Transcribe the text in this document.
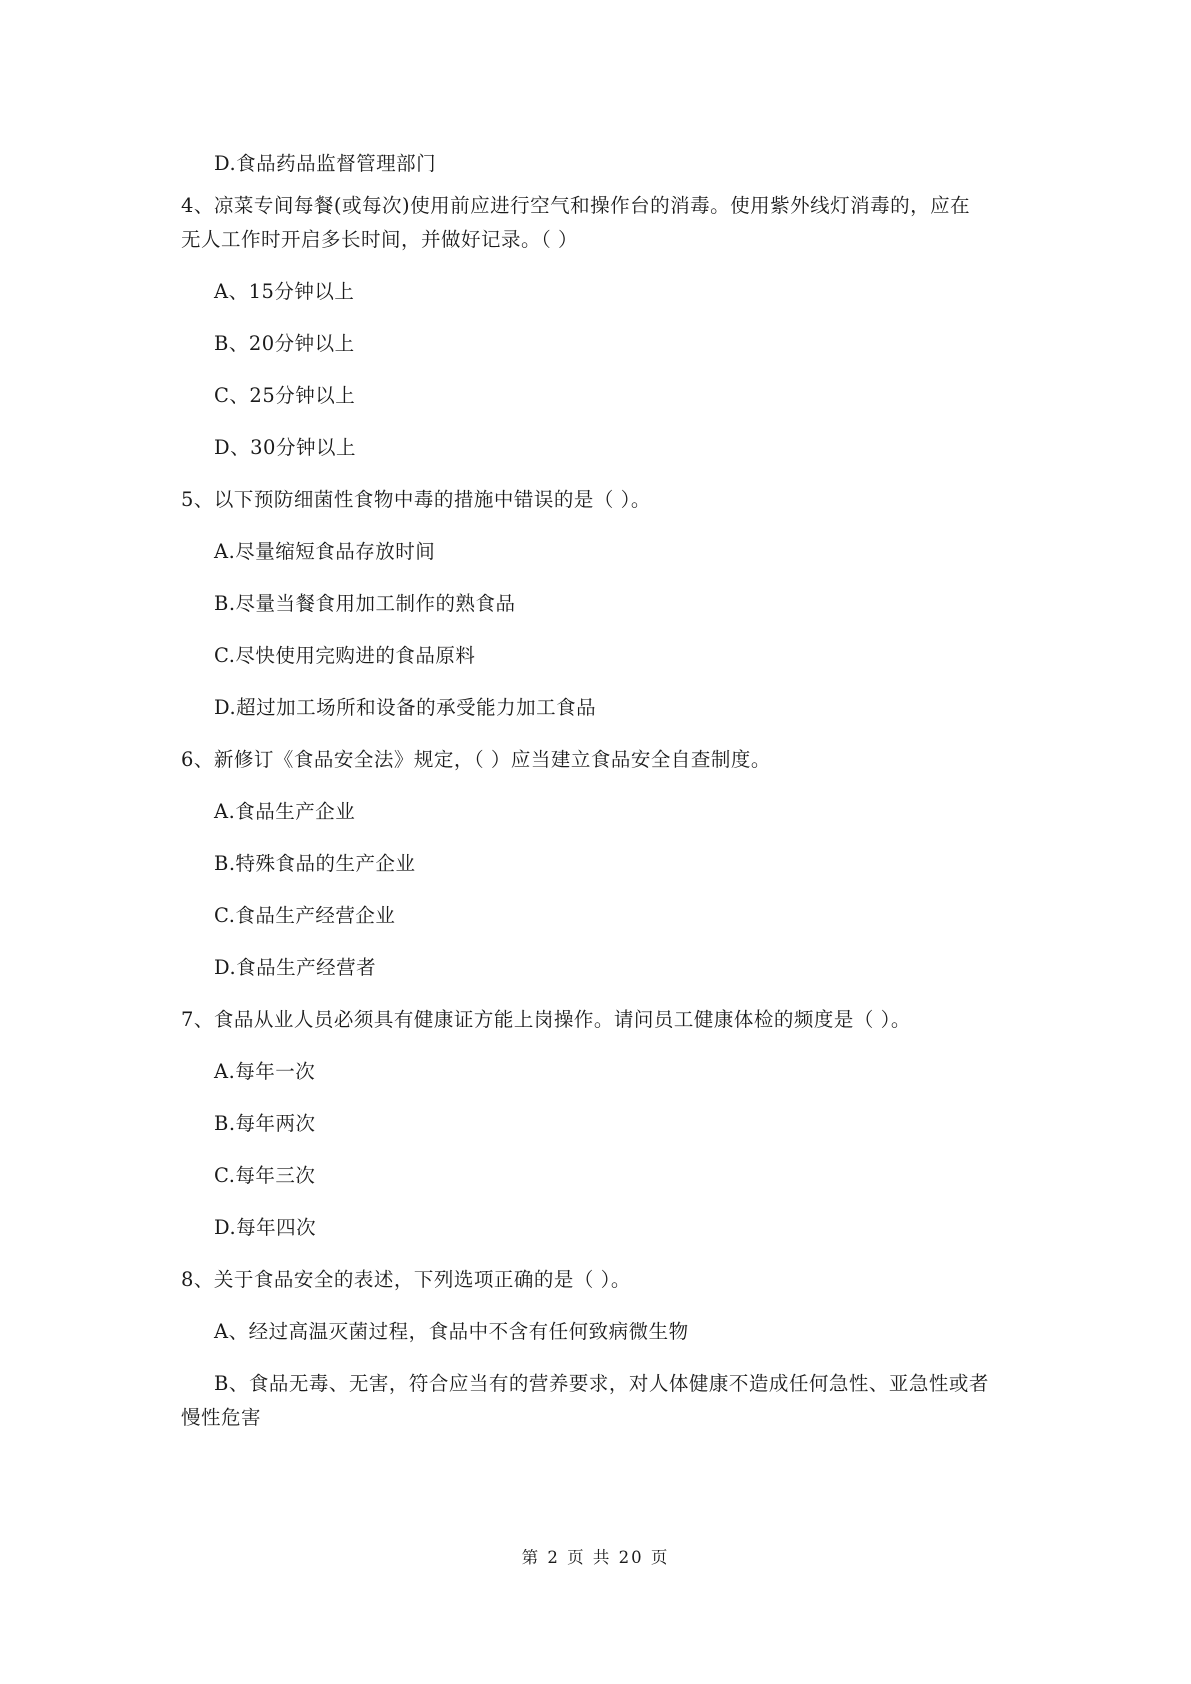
D.食品药品监督管理部门
4、凉菜专间每餐(或每次)使用前应进行空气和操作台的消毒。使用紫外线灯消毒的，应在
无人工作时开启多长时间，并做好记录。（ ）
A、15分钟以上
B、20分钟以上
C、25分钟以上
D、30分钟以上
5、以下预防细菌性食物中毒的措施中错误的是（ ）。
A.尽量缩短食品存放时间
B.尽量当餐食用加工制作的熟食品
C.尽快使用完购进的食品原料
D.超过加工场所和设备的承受能力加工食品
6、新修订《食品安全法》规定，（ ）应当建立食品安全自查制度。
A.食品生产企业
B.特殊食品的生产企业
C.食品生产经营企业
D.食品生产经营者
7、食品从业人员必须具有健康证方能上岗操作。请问员工健康体检的频度是（ ）。
A.每年一次
B.每年两次
C.每年三次
D.每年四次
8、关于食品安全的表述，下列选项正确的是（ ）。
A、经过高温灭菌过程，食品中不含有任何致病微生物
B、食品无毒、无害，符合应当有的营养要求，对人体健康不造成任何急性、亚急性或者
慢性危害
第 2 页 共 20 页
